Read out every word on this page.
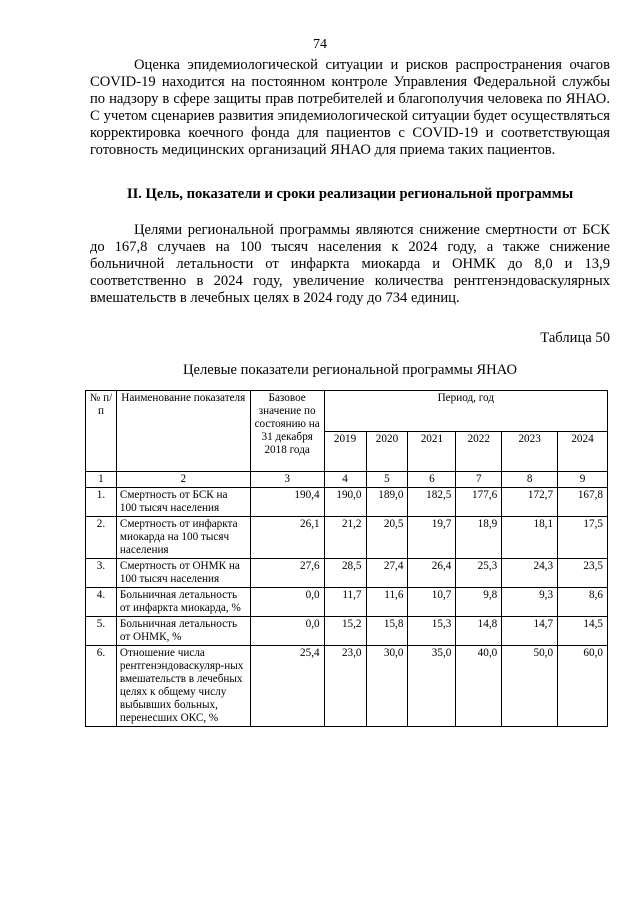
74
Оценка эпидемиологической ситуации и рисков распространения очагов COVID-19 находится на постоянном контроле Управления Федеральной службы по надзору в сфере защиты прав потребителей и благополучия человека по ЯНАО. С учетом сценариев развития эпидемиологической ситуации будет осуществляться корректировка коечного фонда для пациентов с COVID-19 и соответствующая готовность медицинских организаций ЯНАО для приема таких пациентов.
II. Цель, показатели и сроки реализации региональной программы
Целями региональной программы являются снижение смертности от БСК до 167,8 случаев на 100 тысяч населения к 2024 году, а также снижение больничной летальности от инфаркта миокарда и ОНМК до 8,0 и 13,9 соответственно в 2024 году, увеличение количества рентгенэндоваскулярных вмешательств в лечебных целях в 2024 году до 734 единиц.
Таблица 50
Целевые показатели региональной программы ЯНАО
№ п/п	Наименование показателя	Базовое значение по состоянию на 31 декабря 2018 года	Период, год					
			2019	2020	2021	2022	2023	2024
1	2	3	4	5	6	7	8	9
1.	Смертность от БСК на 100 тысяч населения	190,4	190,0	189,0	182,5	177,6	172,7	167,8
2.	Смертность от инфаркта миокарда на 100 тысяч населения	26,1	21,2	20,5	19,7	18,9	18,1	17,5
3.	Смертность от ОНМК на 100 тысяч населения	27,6	28,5	27,4	26,4	25,3	24,3	23,5
4.	Больничная летальность от инфаркта миокарда, %	0,0	11,7	11,6	10,7	9,8	9,3	8,6
5.	Больничная летальность от ОНМК, %	0,0	15,2	15,8	15,3	14,8	14,7	14,5
6.	Отношение числа рентгенэндоваскуляр-ных вмешательств в лечебных целях к общему числу выбывших больных, перенесших ОКС, %	25,4	23,0	30,0	35,0	40,0	50,0	60,0
